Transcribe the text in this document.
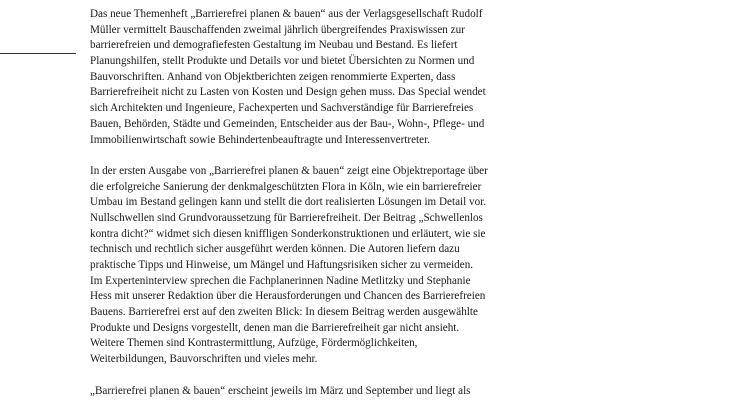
Das neue Themenheft „Barrierefrei planen & bauen“ aus der Verlagsgesellschaft Rudolf
Müller vermittelt Bauschaffenden zweimal jährlich übergreifendes Praxiswissen zur
barrierefreien und demografiefesten Gestaltung im Neubau und Bestand. Es liefert
Planungshilfen, stellt Produkte und Details vor und bietet Übersichten zu Normen und
Bauvorschriften. Anhand von Objektberichten zeigen renommierte Experten, dass
Barrierefreiheit nicht zu Lasten von Kosten und Design gehen muss. Das Special wendet
sich Architekten und Ingenieure, Fachexperten und Sachverständige für Barrierefreies
Bauen, Behörden, Städte und Gemeinden, Entscheider aus der Bau-, Wohn-, Pflege- und
Immobilienwirtschaft sowie Behindertenbeauftragte und Interessenvertreter.

In der ersten Ausgabe von „Barrierefrei planen & bauen“ zeigt eine Objektreportage über
die erfolgreiche Sanierung der denkmalgeschützten Flora in Köln, wie ein barrierefreier
Umbau im Bestand gelingen kann und stellt die dort realisierten Lösungen im Detail vor.
Nullschwellen sind Grundvoraussetzung für Barrierefreiheit. Der Beitrag „Schwellenlos
kontra dicht?“ widmet sich diesen kniffligen Sonderkonstruktionen und erläutert, wie sie
technisch und rechtlich sicher ausgeführt werden können. Die Autoren liefern dazu
praktische Tipps und Hinweise, um Mängel und Haftungsrisiken sicher zu vermeiden.
Im Experteninterview sprechen die Fachplanerinnen Nadine Metlitzky und Stephanie
Hess mit unserer Redaktion über die Herausforderungen und Chancen des Barrierefreien
Bauens. Barrierefrei erst auf den zweiten Blick: In diesem Beitrag werden ausgewählte
Produkte und Designs vorgestellt, denen man die Barrierefreiheit gar nicht ansieht.
Weitere Themen sind Kontrastermittlung, Aufzüge, Fördermöglichkeiten,
Weiterbildungen, Bauvorschriften und vieles mehr.

„Barrierefrei planen & bauen“ erscheint jeweils im März und September und liegt als
